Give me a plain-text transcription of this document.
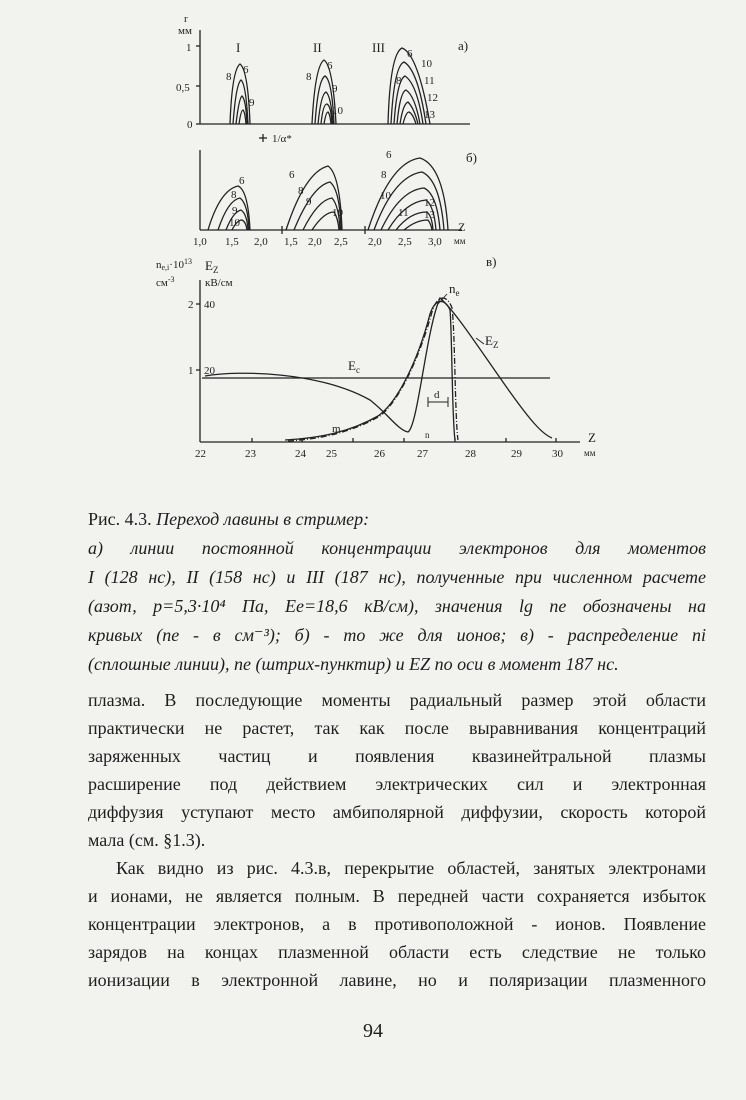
r
мм
1
0,5
0
1/α*
а)
I
8
6
9
II
8
6
9
10
III 6
10
8 11
12
13
б)
6
8
9
10
6
8
9
10
6
8
10
11
12
13
1,0 1,5 2,0 1,5 2,0 2,5 2,0 2,5 3,0
Z
мм
в)
$ne,i\cdot 10^{13}$
$см^{-3}$
$E_Z$
кВ/см
2 40
1 20
22	23	24 25	26	27	28	29	30
Z
мм
$n_e$
$E_Z$
$E_c$
d
m	n
Рис. 4.3. Переход лавины в стример:
а) линии постоянной концентрации электронов для моментов
I (128 нс), II (158 нс) и III (187 нс), полученные при численном расчете
(азот, p=5,3·10⁴ Па, Ee=18,6 кВ/см), значения lg ne обозначены на
кривых (ne - в см⁻³); б) - то же для ионов; в) - распределение ni
(сплошные линии), ne (штрих-пунктир) и EZ по оси в момент 187 нс.
плазма. В последующие моменты радиальный размер этой области
практически не растет, так как после выравнивания концентраций
заряженных частиц и появления квазинейтральной плазмы
расширение под действием электрических сил и электронная
диффузия уступают место амбиполярной диффузии, скорость которой
мала (см. §1.3).
Как видно из рис. 4.3.в, перекрытие областей, занятых электронами
и ионами, не является полным. В передней части сохраняется избыток
концентрации электронов, а в противоположной - ионов. Появление
зарядов на концах плазменной области есть следствие не только
ионизации в электронной лавине, но и поляризации плазменного
94
